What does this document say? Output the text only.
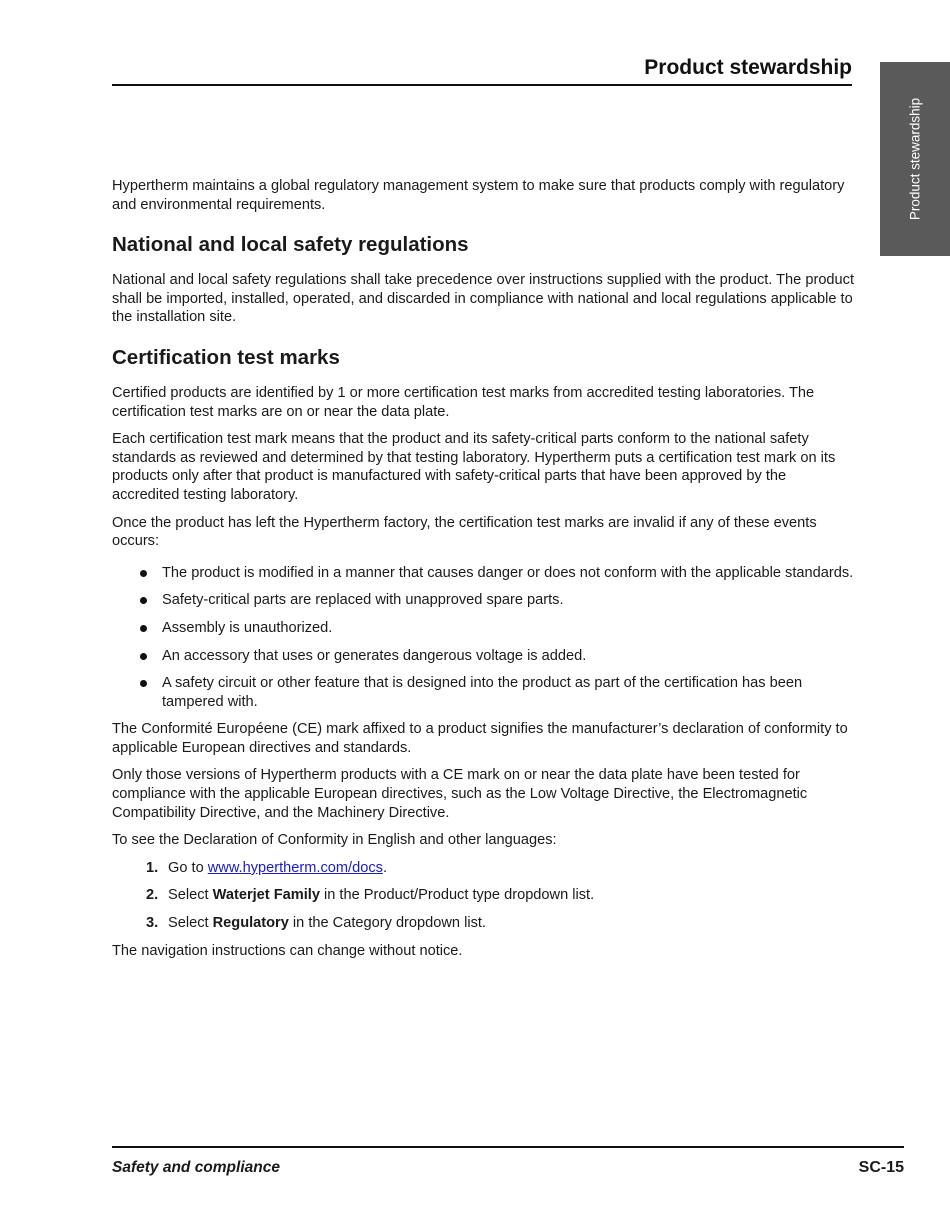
Product stewardship
Product stewardship

Hypertherm maintains a global regulatory management system to make sure that products comply with regulatory and environmental requirements.

National and local safety regulations

National and local safety regulations shall take precedence over instructions supplied with the product. The product shall be imported, installed, operated, and discarded in compliance with national and local regulations applicable to the installation site.

Certification test marks

Certified products are identified by 1 or more certification test marks from accredited testing laboratories. The certification test marks are on or near the data plate.

Each certification test mark means that the product and its safety-critical parts conform to the national safety standards as reviewed and determined by that testing laboratory. Hypertherm puts a certification test mark on its products only after that product is manufactured with safety-critical parts that have been approved by the accredited testing laboratory.

Once the product has left the Hypertherm factory, the certification test marks are invalid if any of these events occurs:

The product is modified in a manner that causes danger or does not conform with the applicable standards.
Safety-critical parts are replaced with unapproved spare parts.
Assembly is unauthorized.
An accessory that uses or generates dangerous voltage is added.
A safety circuit or other feature that is designed into the product as part of the certification has been tampered with.

The Conformité Européene (CE) mark affixed to a product signifies the manufacturer’s declaration of conformity to applicable European directives and standards.

Only those versions of Hypertherm products with a CE mark on or near the data plate have been tested for compliance with the applicable European directives, such as the Low Voltage Directive, the Electromagnetic Compatibility Directive, and the Machinery Directive.

To see the Declaration of Conformity in English and other languages:

1. Go to www.hypertherm.com/docs.
2. Select Waterjet Family in the Product/Product type dropdown list.
3. Select Regulatory in the Category dropdown list.

The navigation instructions can change without notice.

Safety and compliance	SC-15
